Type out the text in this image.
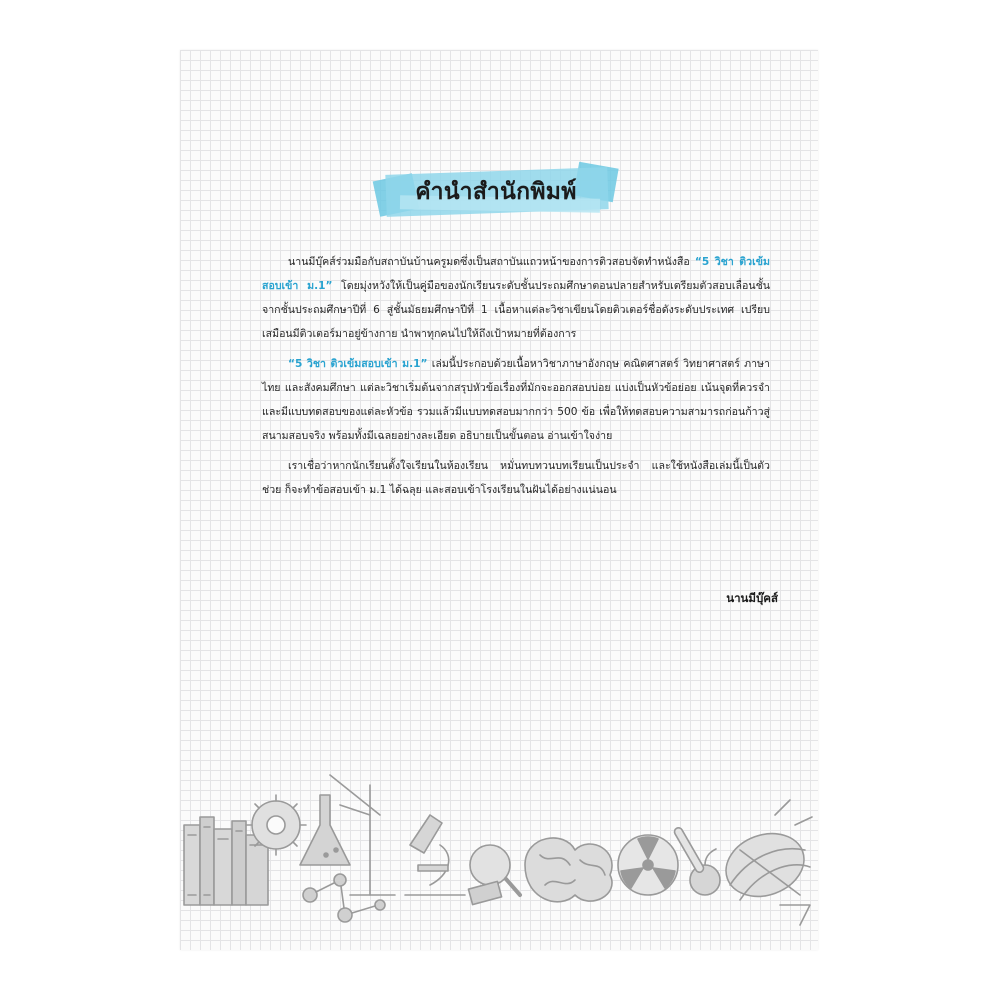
คำนำสำนักพิมพ์

นานมีบุ๊คส์ร่วมมือกับสถาบันบ้านครูมดซึ่งเป็นสถาบันแถวหน้าของการติวสอบจัดทำหนังสือ “5 วิชา ติวเข้มสอบเข้า ม.1” โดยมุ่งหวังให้เป็นคู่มือของนักเรียนระดับชั้นประถมศึกษาตอนปลายสำหรับเตรียมตัวสอบเลื่อนชั้นจากชั้นประถมศึกษาปีที่ 6 สู่ชั้นมัธยมศึกษาปีที่ 1 เนื้อหาแต่ละวิชาเขียนโดยติวเตอร์ชื่อดังระดับประเทศ เปรียบเสมือนมีติวเตอร์มาอยู่ข้างกาย นำพาทุกคนไปให้ถึงเป้าหมายที่ต้องการ

“5 วิชา ติวเข้มสอบเข้า ม.1” เล่มนี้ประกอบด้วยเนื้อหาวิชาภาษาอังกฤษ คณิตศาสตร์ วิทยาศาสตร์ ภาษาไทย และสังคมศึกษา แต่ละวิชาเริ่มต้นจากสรุปหัวข้อเรื่องที่มักจะออกสอบบ่อย แบ่งเป็นหัวข้อย่อย เน้นจุดที่ควรจำ และมีแบบทดสอบของแต่ละหัวข้อ รวมแล้วมีแบบทดสอบมากกว่า 500 ข้อ เพื่อให้ทดสอบความสามารถก่อนก้าวสู่สนามสอบจริง พร้อมทั้งมีเฉลยอย่างละเอียด อธิบายเป็นขั้นตอน อ่านเข้าใจง่าย

เราเชื่อว่าหากนักเรียนตั้งใจเรียนในห้องเรียน หมั่นทบทวนบทเรียนเป็นประจำ และใช้หนังสือเล่มนี้เป็นตัวช่วย ก็จะทำข้อสอบเข้า ม.1 ได้ฉลุย และสอบเข้าโรงเรียนในฝันได้อย่างแน่นอน

นานมีบุ๊คส์
